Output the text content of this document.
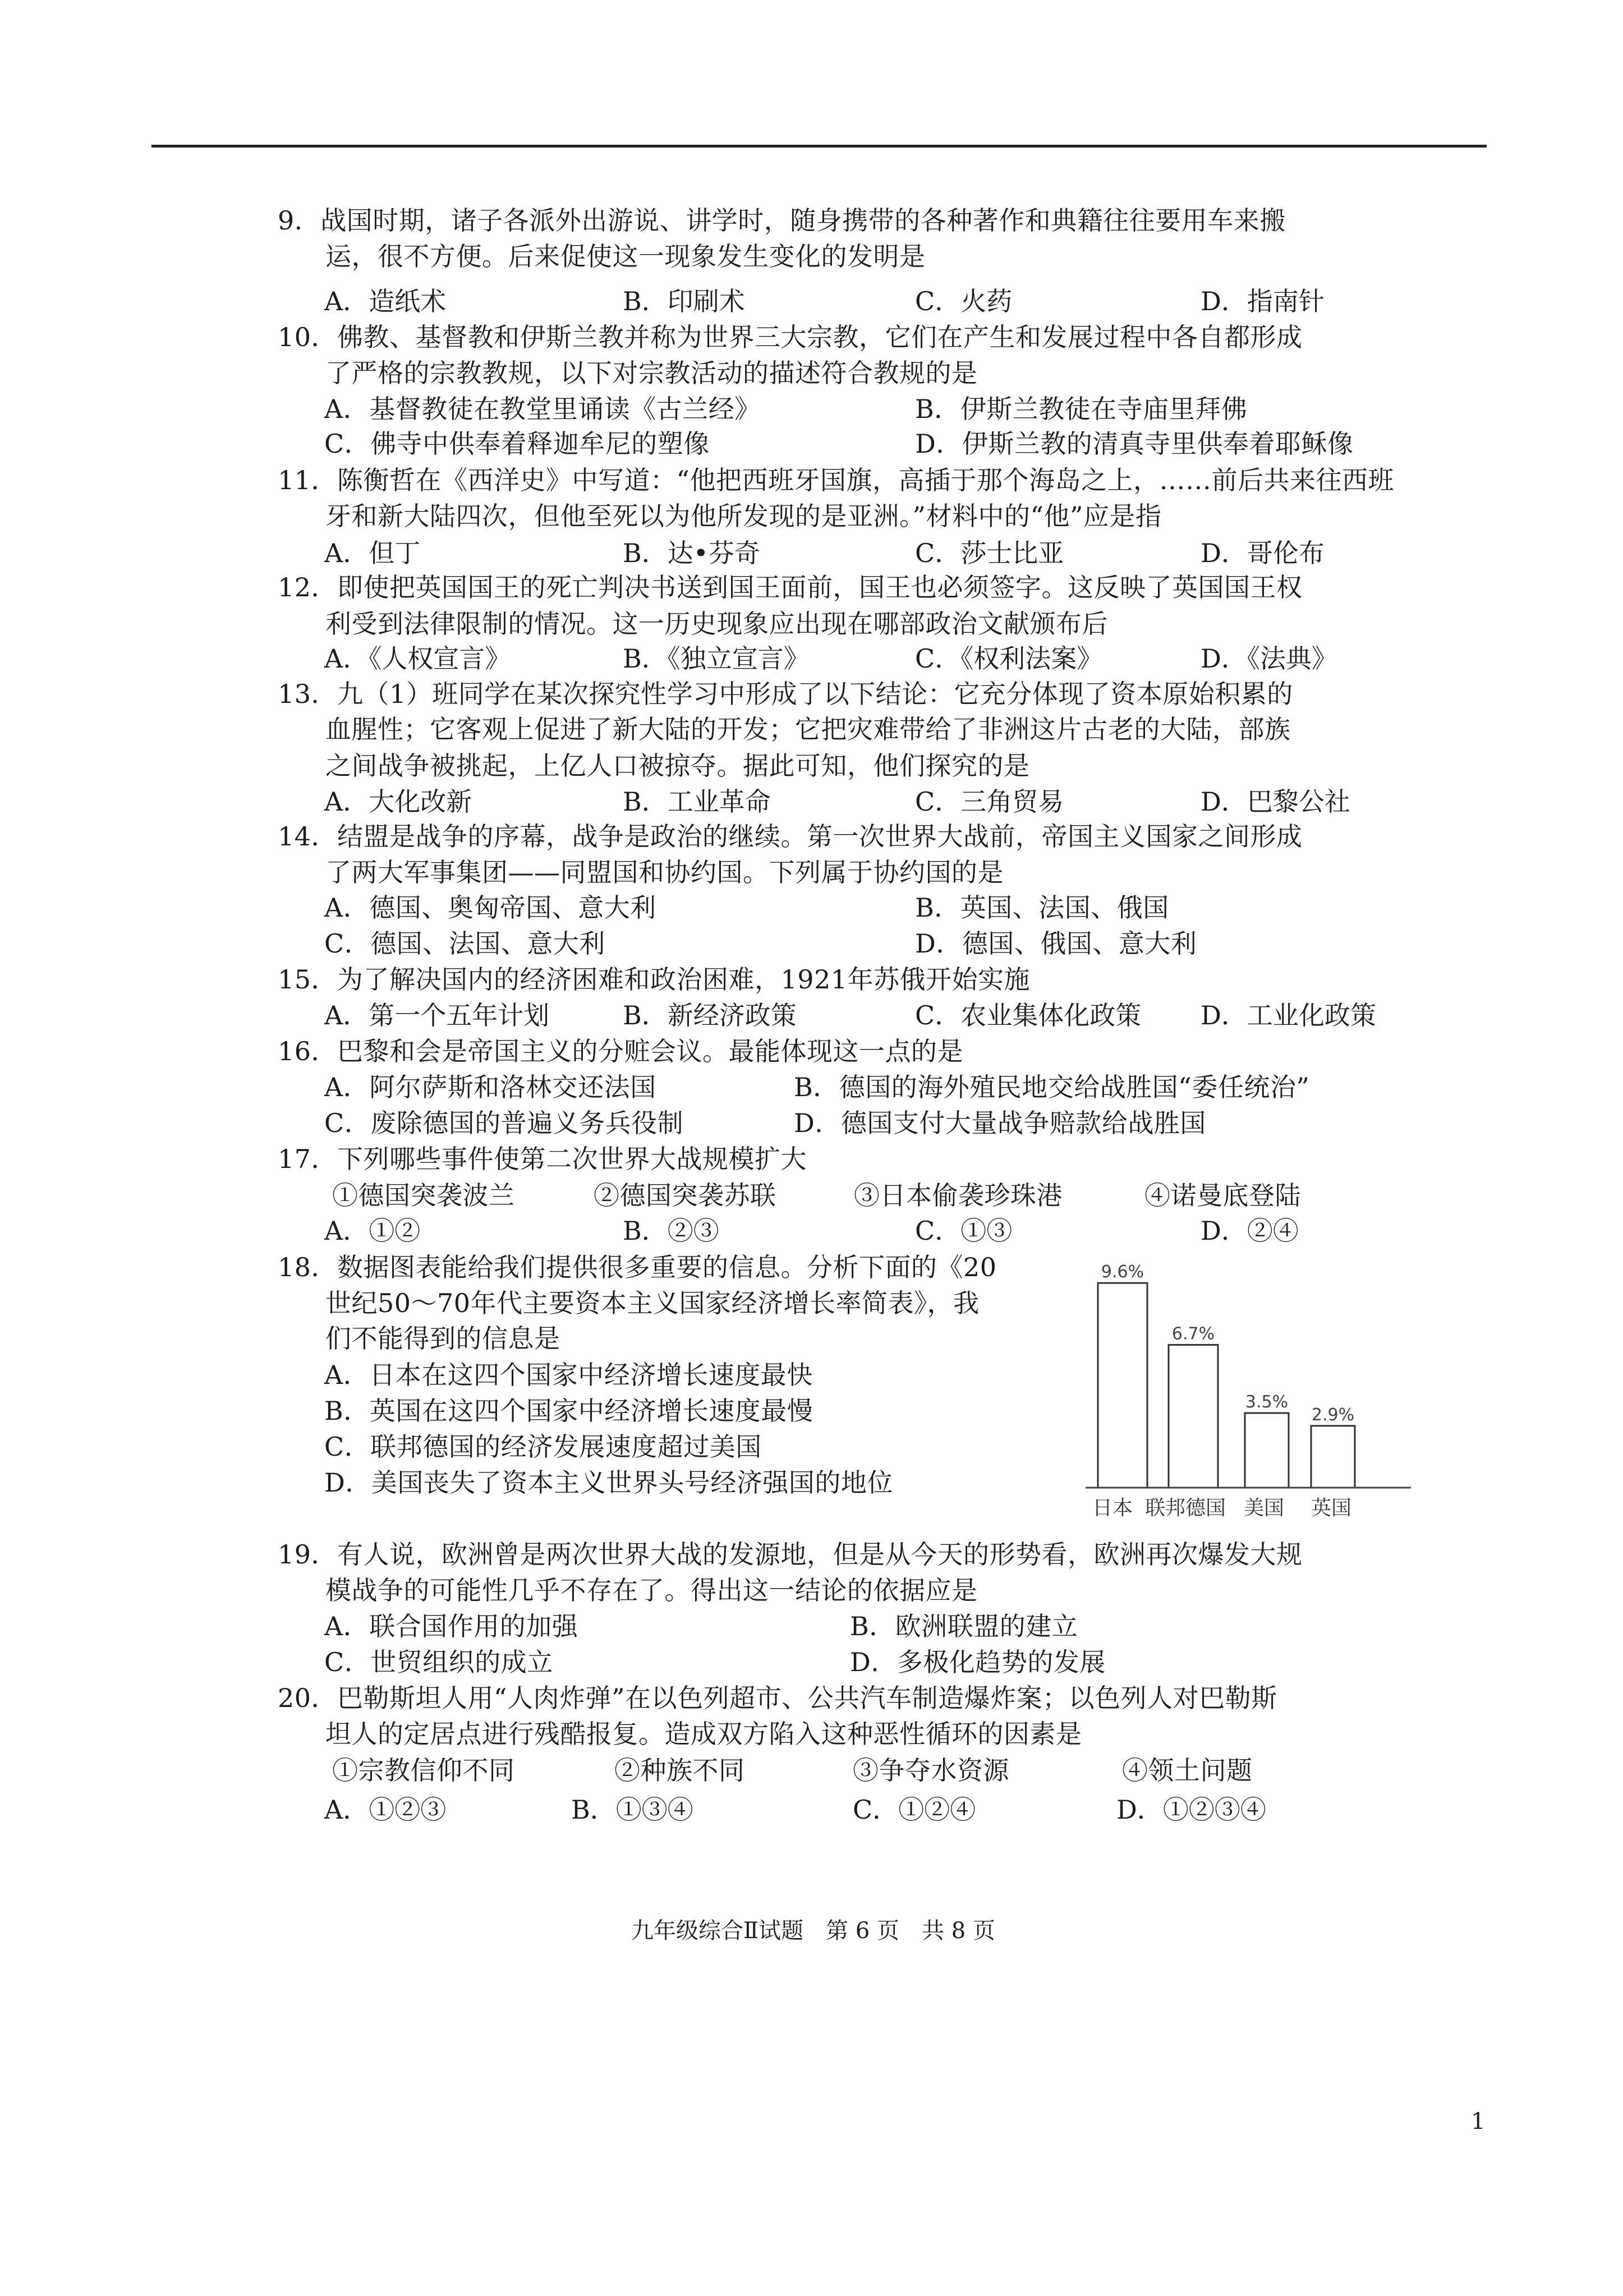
9．战国时期，诸子各派外出游说、讲学时，随身携带的各种著作和典籍往往要用车来搬
运，很不方便。后来促使这一现象发生变化的发明是
A．造纸术	B．印刷术	C．火药	D．指南针
10．佛教、基督教和伊斯兰教并称为世界三大宗教，它们在产生和发展过程中各自都形成
了严格的宗教教规，以下对宗教活动的描述符合教规的是
A．基督教徒在教堂里诵读《古兰经》	B．伊斯兰教徒在寺庙里拜佛
C．佛寺中供奉着释迦牟尼的塑像	D．伊斯兰教的清真寺里供奉着耶稣像
11．陈衡哲在《西洋史》中写道：“他把西班牙国旗，高插于那个海岛之上，……前后共来往西班
牙和新大陆四次，但他至死以为他所发现的是亚洲。”材料中的“他”应是指
A．但丁	B．达•芬奇	C．莎士比亚	D．哥伦布
12．即使把英国国王的死亡判决书送到国王面前，国王也必须签字。这反映了英国国王权
利受到法律限制的情况。这一历史现象应出现在哪部政治文献颁布后
A．《人权宣言》	B．《独立宣言》	C．《权利法案》	D．《法典》
13．九（1）班同学在某次探究性学习中形成了以下结论：它充分体现了资本原始积累的
血腥性；它客观上促进了新大陆的开发；它把灾难带给了非洲这片古老的大陆，部族
之间战争被挑起，上亿人口被掠夺。据此可知，他们探究的是
A．大化改新	B．工业革命	C．三角贸易	D．巴黎公社
14．结盟是战争的序幕，战争是政治的继续。第一次世界大战前，帝国主义国家之间形成
了两大军事集团——同盟国和协约国。下列属于协约国的是
A．德国、奥匈帝国、意大利	B．英国、法国、俄国
C．德国、法国、意大利	D．德国、俄国、意大利
15．为了解决国内的经济困难和政治困难，1921年苏俄开始实施
A．第一个五年计划	B．新经济政策	C．农业集体化政策 D．工业化政策
16．巴黎和会是帝国主义的分赃会议。最能体现这一点的是
A．阿尔萨斯和洛林交还法国	B．德国的海外殖民地交给战胜国“委任统治”
C．废除德国的普遍义务兵役制	D．德国支付大量战争赔款给战胜国
17．下列哪些事件使第二次世界大战规模扩大
①德国突袭波兰	②德国突袭苏联	③日本偷袭珍珠港	④诺曼底登陆
A．①②	B．②③	C．①③	D．②④
18．数据图表能给我们提供很多重要的信息。分析下面的《20
世纪50～70年代主要资本主义国家经济增长率简表》，我
们不能得到的信息是
A．日本在这四个国家中经济增长速度最快
B．英国在这四个国家中经济增长速度最慢
C．联邦德国的经济发展速度超过美国
D．美国丧失了资本主义世界头号经济强国的地位
9.6%
6.7%
3.5%
2.9%
日本 联邦德国 美国 英国
19．有人说，欧洲曾是两次世界大战的发源地，但是从今天的形势看，欧洲再次爆发大规
模战争的可能性几乎不存在了。得出这一结论的依据应是
A．联合国作用的加强	B．欧洲联盟的建立
C．世贸组织的成立	D．多极化趋势的发展
20．巴勒斯坦人用“人肉炸弹”在以色列超市、公共汽车制造爆炸案；以色列人对巴勒斯
坦人的定居点进行残酷报复。造成双方陷入这种恶性循环的因素是
①宗教信仰不同	②种族不同	③争夺水资源	④领土问题
A．①②③	B．①③④	C．①②④	D．①②③④
九年级综合Ⅱ试题　第 6 页　共 8 页
1
